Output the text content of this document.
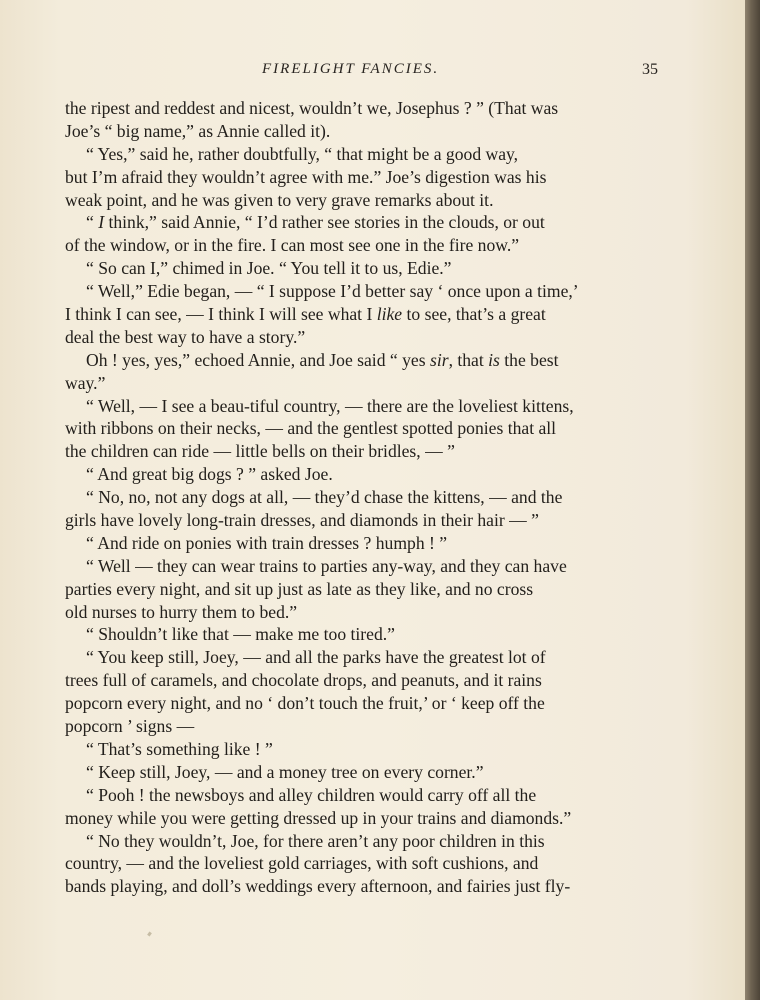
FIRELIGHT FANCIES.	35
the ripest and reddest and nicest, wouldn’t we, Josephus ? ” (That was
Joe’s “ big name,” as Annie called it).
“ Yes,” said he, rather doubtfully, “ that might be a good way,
but I’m afraid they wouldn’t agree with me.” Joe’s digestion was his
weak point, and he was given to very grave remarks about it.
“ I think,” said Annie, “ I’d rather see stories in the clouds, or out
of the window, or in the fire. I can most see one in the fire now.”
“ So can I,” chimed in Joe. “ You tell it to us, Edie.”
“ Well,” Edie began, — “ I suppose I’d better say ‘ once upon a time,’
I think I can see, — I think I will see what I like to see, that’s a great
deal the best way to have a story.”
Oh ! yes, yes,” echoed Annie, and Joe said “ yes sir, that is the best
way.”
“ Well, — I see a beau-tiful country, — there are the loveliest kittens,
with ribbons on their necks, — and the gentlest spotted ponies that all
the children can ride — little bells on their bridles, — ”
“ And great big dogs ? ” asked Joe.
“ No, no, not any dogs at all, — they’d chase the kittens, — and the
girls have lovely long-train dresses, and diamonds in their hair — ”
“ And ride on ponies with train dresses ? humph ! ”
“ Well — they can wear trains to parties any-way, and they can have
parties every night, and sit up just as late as they like, and no cross
old nurses to hurry them to bed.”
“ Shouldn’t like that — make me too tired.”
“ You keep still, Joey, — and all the parks have the greatest lot of
trees full of caramels, and chocolate drops, and peanuts, and it rains
popcorn every night, and no ‘ don’t touch the fruit,’ or ‘ keep off the
popcorn ’ signs —
“ That’s something like ! ”
“ Keep still, Joey, — and a money tree on every corner.”
“ Pooh ! the newsboys and alley children would carry off all the
money while you were getting dressed up in your trains and diamonds.”
“ No they wouldn’t, Joe, for there aren’t any poor children in this
country, — and the loveliest gold carriages, with soft cushions, and
bands playing, and doll’s weddings every afternoon, and fairies just fly-
